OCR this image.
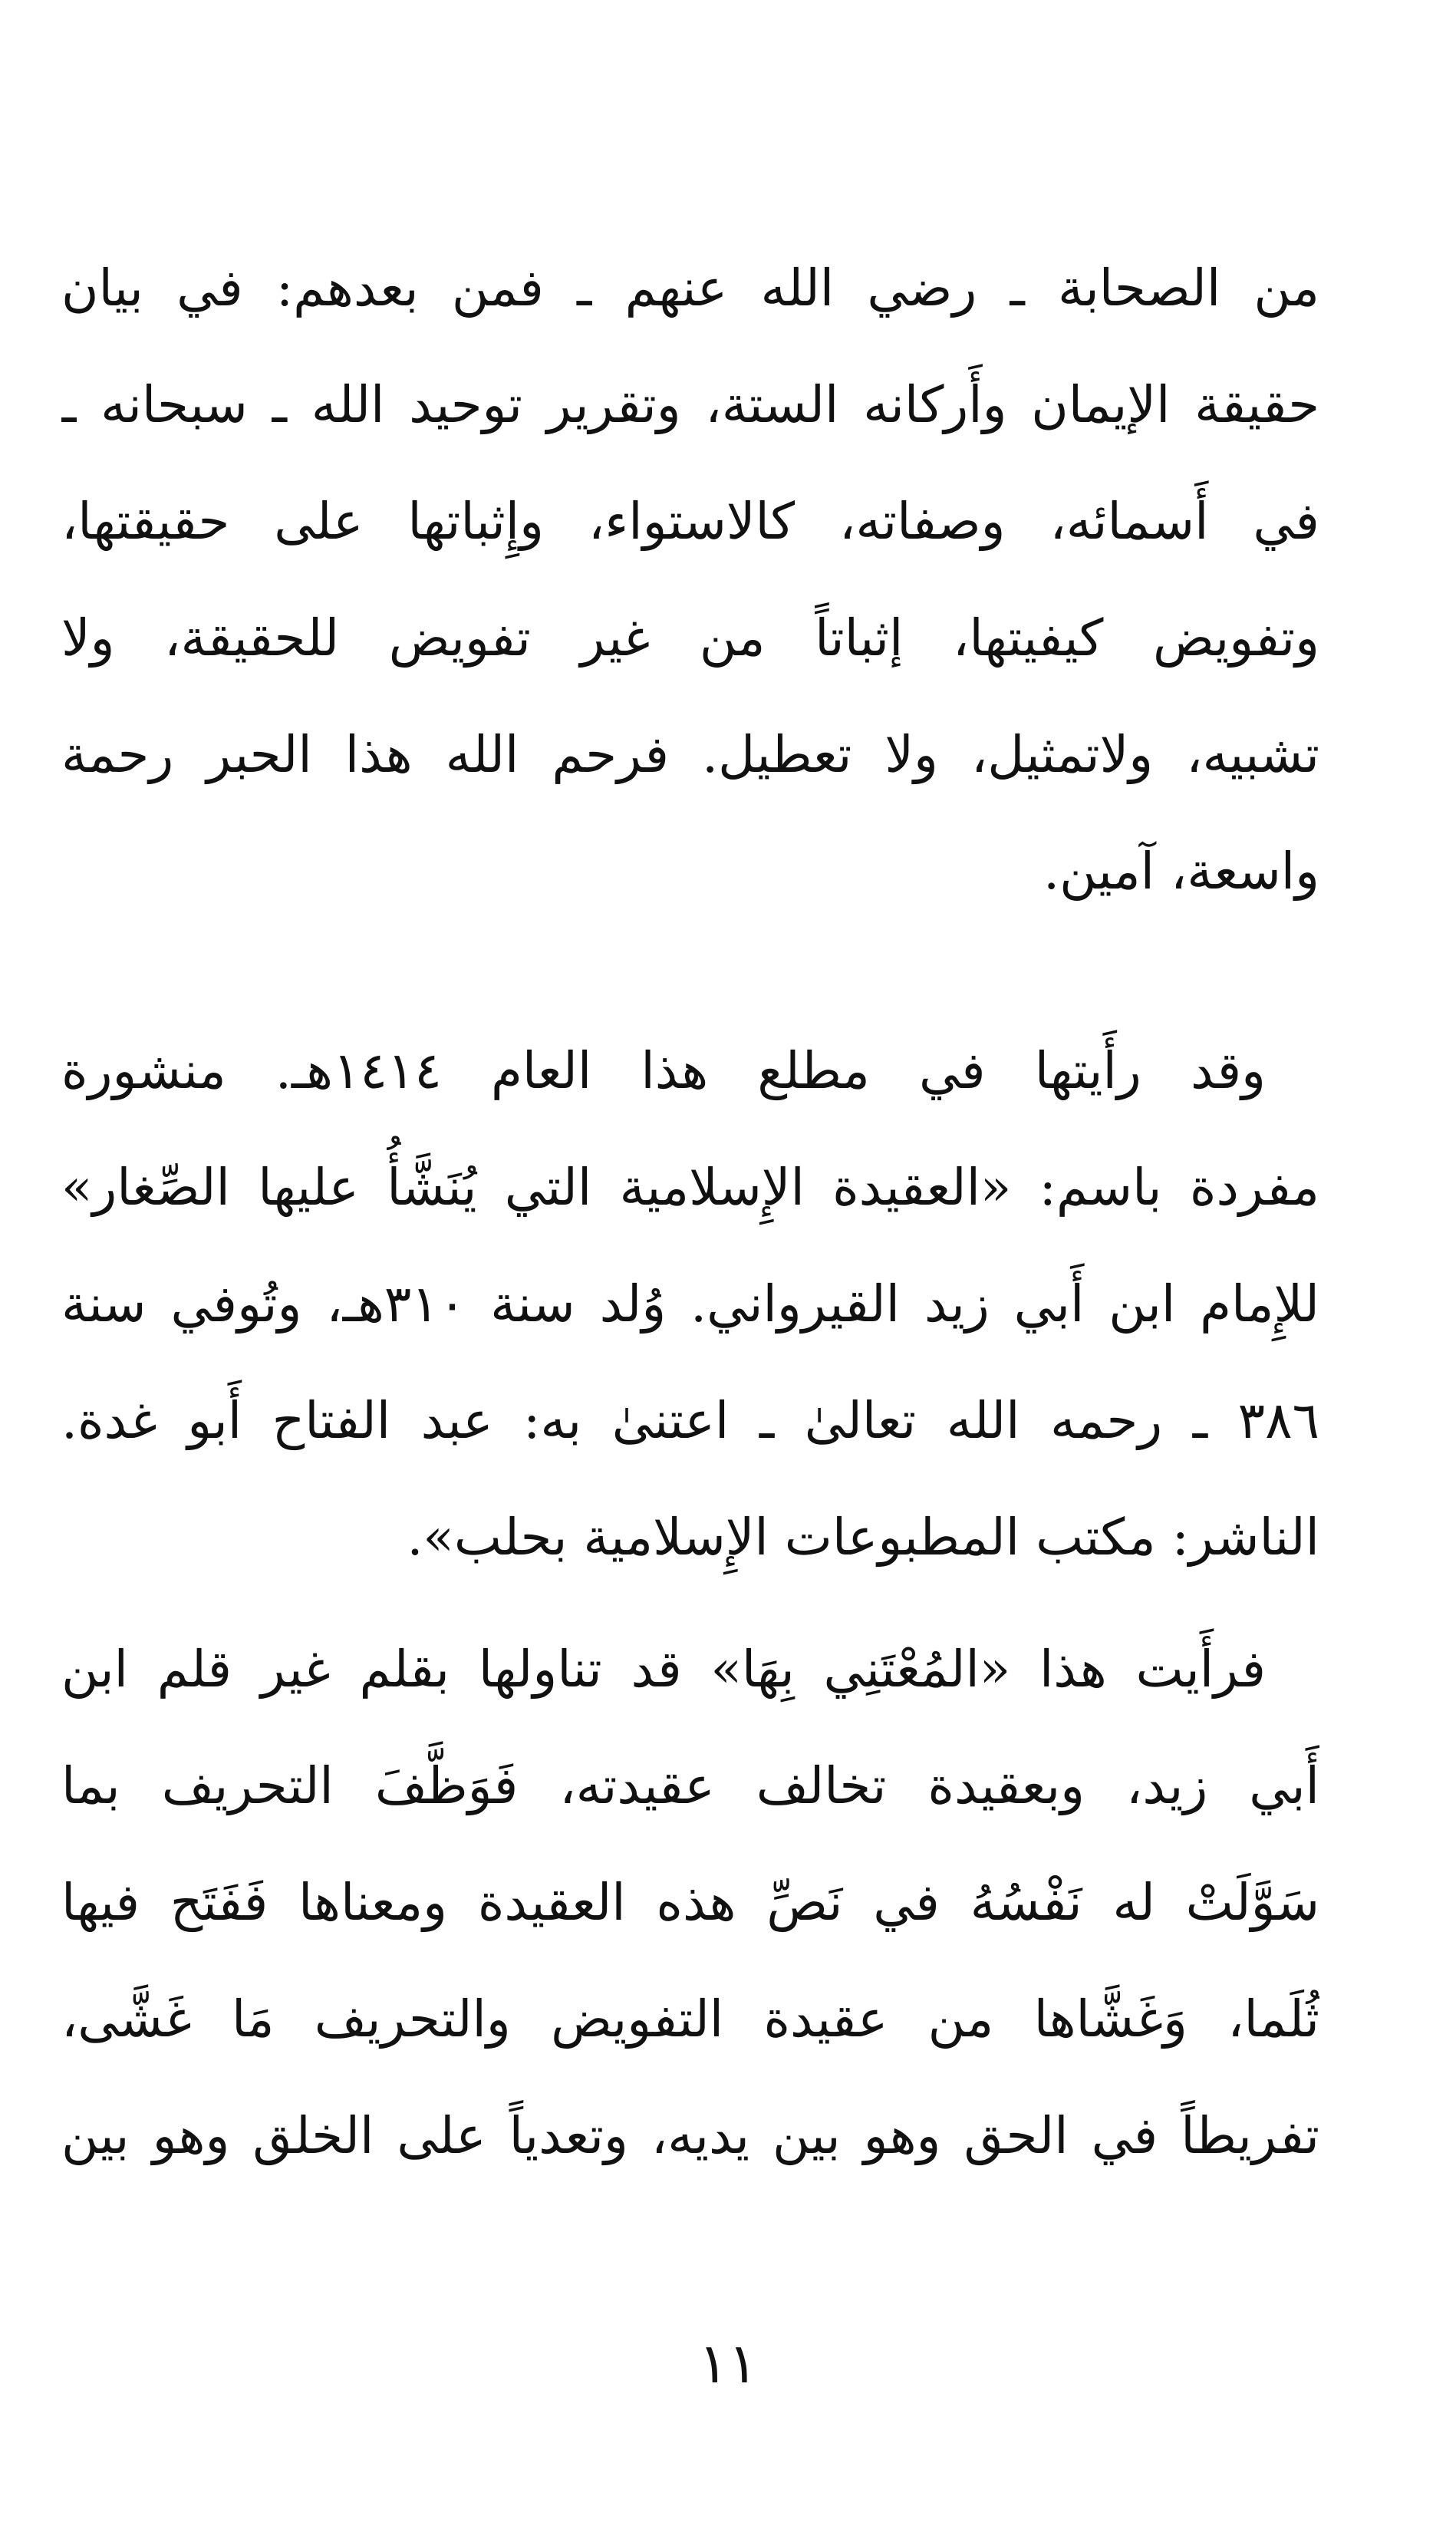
من الصحابة ـ رضي الله عنهم ـ فمن بعدهم: في بيان
حقيقة الإيمان وأَركانه الستة، وتقرير توحيد الله ـ سبحانه ـ
في أَسمائه، وصفاته، كالاستواء، وإِثباتها على حقيقتها،
وتفويض كيفيتها، إثباتاً من غير تفويض للحقيقة، ولا
تشبيه، ولاتمثيل، ولا تعطيل. فرحم الله هذا الحبر رحمة
واسعة، آمين.
وقد رأَيتها في مطلع هذا العام ١٤١٤هـ. منشورة
مفردة باسم: «العقيدة الإِسلامية التي يُنَشَّأُ عليها الصِّغار»
للإِمام ابن أَبي زيد القيرواني. وُلد سنة ٣١٠هـ، وتُوفي سنة
٣٨٦ ـ رحمه الله تعالىٰ ـ اعتنىٰ به: عبد الفتاح أَبو غدة.
الناشر: مكتب المطبوعات الإِسلامية بحلب».
فرأَيت هذا «المُعْتَنِي بِهَا» قد تناولها بقلم غير قلم ابن
أَبي زيد، وبعقيدة تخالف عقيدته، فَوَظَّفَ التحريف بما
سَوَّلَتْ له نَفْسُهُ في نَصِّ هذه العقيدة ومعناها فَفَتَح فيها
ثُلَما، وَغَشَّاها من عقيدة التفويض والتحريف مَا غَشَّى،
تفريطاً في الحق وهو بين يديه، وتعدياً على الخلق وهو بين
١١
